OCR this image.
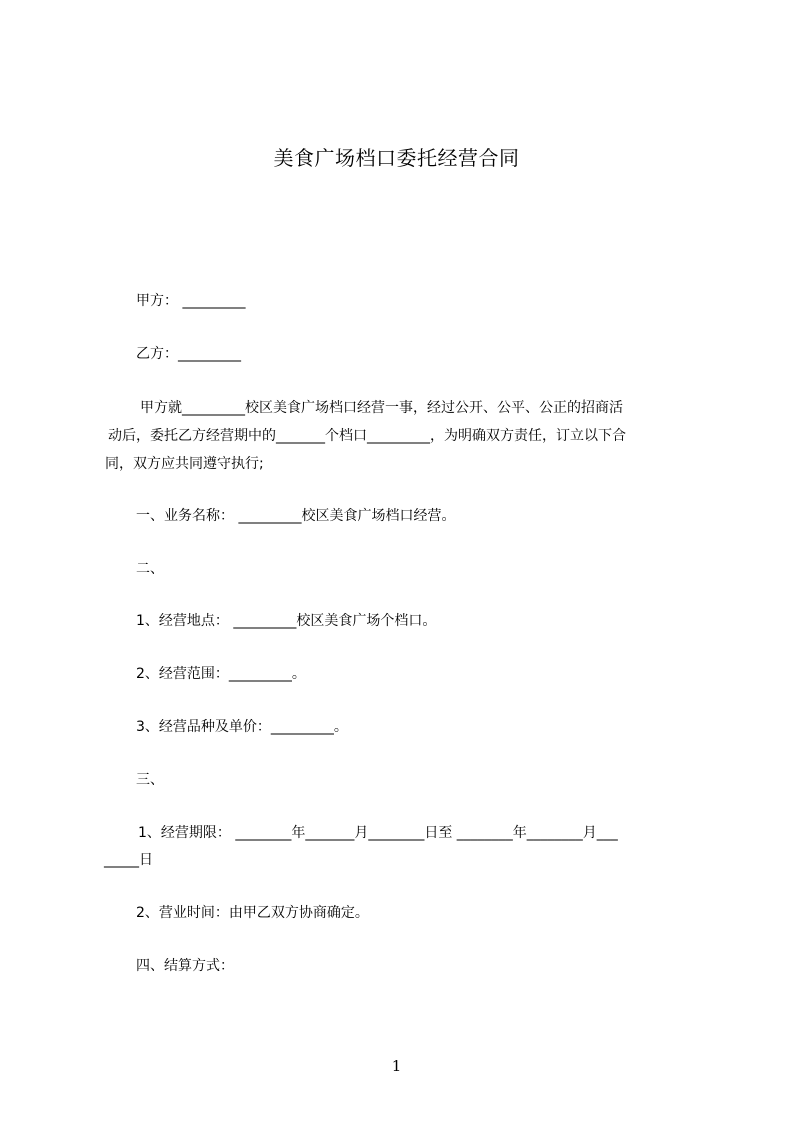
美食广场档口委托经营合同
甲方： _________
乙方：_________
甲方就_________校区美食广场档口经营一事，经过公开、公平、公正的招商活
动后，委托乙方经营期中的_______个档口_________，为明确双方责任，订立以下合
同，双方应共同遵守执行;
一、业务名称： _________校区美食广场档口经营。
二、
1、经营地点： _________校区美食广场个档口。
2、经营范围：_________。
3、经营品种及单价：_________。
三、
1、经营期限： ________年_______月________日至 ________年________月___
_____日
2、营业时间：由甲乙双方协商确定。
四、结算方式：
1
